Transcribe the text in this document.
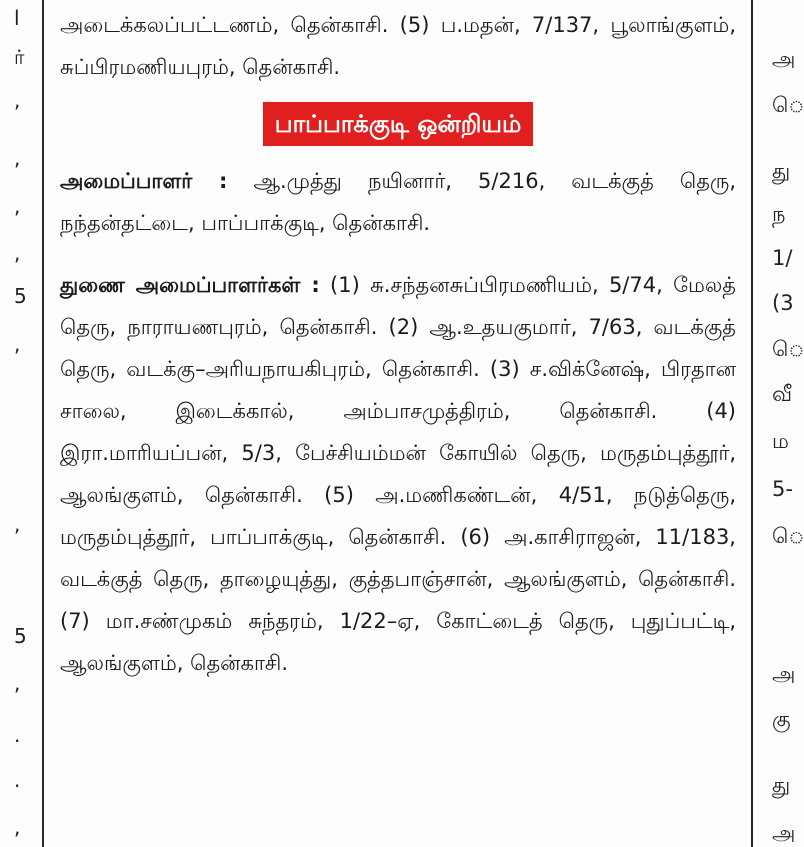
l
ர்
,
,
,
,
5
,
,
5
,
.
.
,

அடைக்கலப்பட்டணம், தென்காசி. (5) ப.மதன், 7/137, பூலாங்குளம், சுப்பிரமணியபுரம், தென்காசி.

பாப்பாக்குடி ஒன்றியம்

அமைப்பாளர் : ஆ.முத்து நயினார், 5/216, வடக்குத் தெரு, நந்தன்தட்டை, பாப்பாக்குடி, தென்காசி.

துணை அமைப்பாளர்கள் : (1) சு.சந்தனசுப்பிரமணியம், 5/74, மேலத் தெரு, நாராயணபுரம், தென்காசி. (2) ஆ.உதயகுமார், 7/63, வடக்குத் தெரு, வடக்கு–அரியநாயகிபுரம், தென்காசி. (3) ச.விக்னேஷ், பிரதான சாலை, இடைக்கால், அம்பாசமுத்திரம், தென்காசி. (4) இரா.மாரியப்பன், 5/3, பேச்சியம்மன் கோயில் தெரு, மருதம்புத்தூர், ஆலங்குளம், தென்காசி. (5) அ.மணிகண்டன், 4/51, நடுத்தெரு, மருதம்புத்தூர், பாப்பாக்குடி, தென்காசி. (6) அ.காசிராஜன், 11/183, வடக்குத் தெரு, தாழையுத்து, குத்தபாஞ்சான், ஆலங்குளம், தென்காசி. (7) மா.சண்முகம் சுந்தரம், 1/22–ஏ, கோட்டைத் தெரு, புதுப்பட்டி, ஆலங்குளம், தென்காசி.

அ
ெ
து
ந
1/
(3
ெ
வீ
ம
5-
ெ
அ
கு
து
அ
